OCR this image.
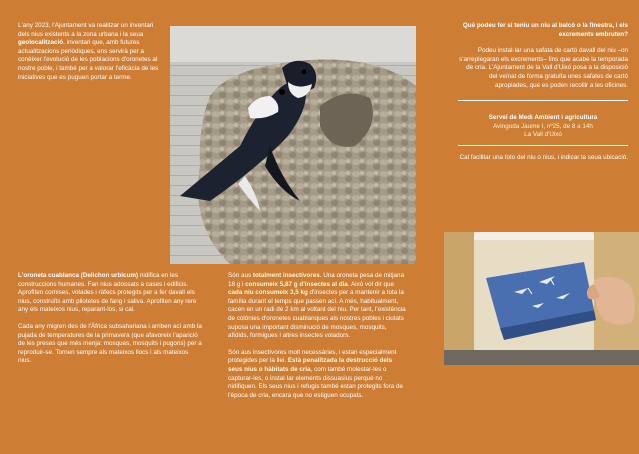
L'any 2023, l'Ajuntament va realitzar un inventari dels nius existents a la zona urbana i la seua geolocalització, inventari que, amb futures actualitzacions periòdiques, ens servirà per a conèixer l'evolució de les poblacions d'oronetes al nostre poble, i també per a valorar l'eficàcia de les iniciatives que es puguen portar a terme.

Què podeu fer si teniu un niu al balcó o la finestra, i els excrements embruten?

Podeu instal·lar una safata de cartó davall del niu –on s'arreplegaran els excrements– fins que acabe la temporada de cria. L'Ajuntament de la Vall d'Uixó posa a la disposició del veïnat de forma gratuïta unes safates de cartó apropiades, que es poden recollir a les oficines.

Servei de Medi Ambient i agricultura
Avinguda Jaume I, nº25, de 8 a 14h
La Vall d'Uixó

Cal facilitar una foto del niu o nius, i indicar la seua ubicació.

L'oroneta cuablanca (Delichon urbicum) nidifica en les construccions humanes. Fan nius adossats a cases i edificis. Aprofiten cornises, volades i ràfecs protegits per a fer davall els nius, construïts amb pilotetes de fang i saliva. Aprofiten any rere any els mateixos nius, reparant-los, si cal.

Cada any migren des de l'Àfrica subsahariana i arriben ací amb la pujada de temperatures de la primavera (que afavoreix l'aparició de les preses que més menja: mosques, mosquits i pugons) per a reproduir-se. Tornen sempre als mateixos llocs i als mateixos nius.

Són aus totalment insectívores. Una oroneta pesa de mitjana 18 g i consumeix 5,87 g d'insectes al dia. Això vol dir que cada niu consumeix 3,5 kg d'insectes per a mantenir a tota la família durant el temps que passen ací. A més, habitualment, cacen en un radi de 2 km al voltant del niu. Per tant, l'existència de colònies d'oronetes cuablanques als nostres pobles i ciutats suposa una important disminució de mosques, mosquits, afídids, formigues i altres insectes voladors.

Són aus insectívores molt necessàries, i estan especialment protegides per la llei. Està penalitzada la destrucció dels seus nius o hàbitats de cria, com també molestar-les o capturar-les, o instal·lar elements dissuasius perquè no nidifiquen. Els seus nius i refugis també estan protegits fora de l'època de cria, encara que no estiguen ocupats.
